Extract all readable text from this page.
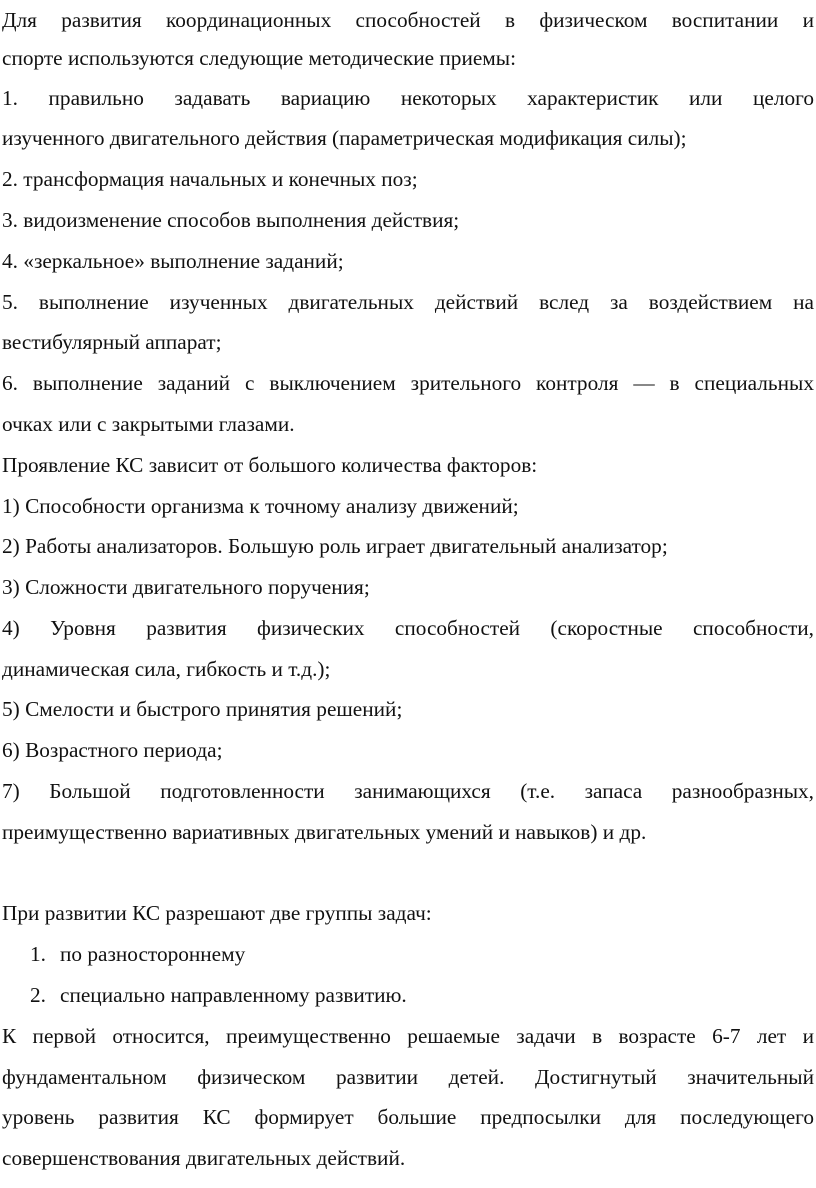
Для развития координационных способностей в физическом воспитании и
спорте используются следующие методические приемы:
1. правильно задавать вариацию некоторых характеристик или целого
изученного двигательного действия (параметрическая модификация силы);
2. трансформация начальных и конечных поз;
3. видоизменение способов выполнения действия;
4. «зеркальное» выполнение заданий;
5. выполнение изученных двигательных действий вслед за воздействием на
вестибулярный аппарат;
6. выполнение заданий с выключением зрительного контроля — в специальных
очках или с закрытыми глазами.
Проявление КС зависит от большого количества факторов:
1) Способности организма к точному анализу движений;
2) Работы анализаторов. Большую роль играет двигательный анализатор;
3) Сложности двигательного поручения;
4) Уровня развития физических способностей (скоростные способности,
динамическая сила, гибкость и т.д.);
5) Смелости и быстрого принятия решений;
6) Возрастного периода;
7) Большой подготовленности занимающихся (т.е. запаса разнообразных,
преимущественно вариативных двигательных умений и навыков) и др.
При развитии КС разрешают две группы задач:
1. по разностороннему
2. специально направленному развитию.
К первой относится, преимущественно решаемые задачи в возрасте 6-7 лет и
фундаментальном физическом развитии детей. Достигнутый значительный
уровень развития КС формирует большие предпосылки для последующего
совершенствования двигательных действий.
